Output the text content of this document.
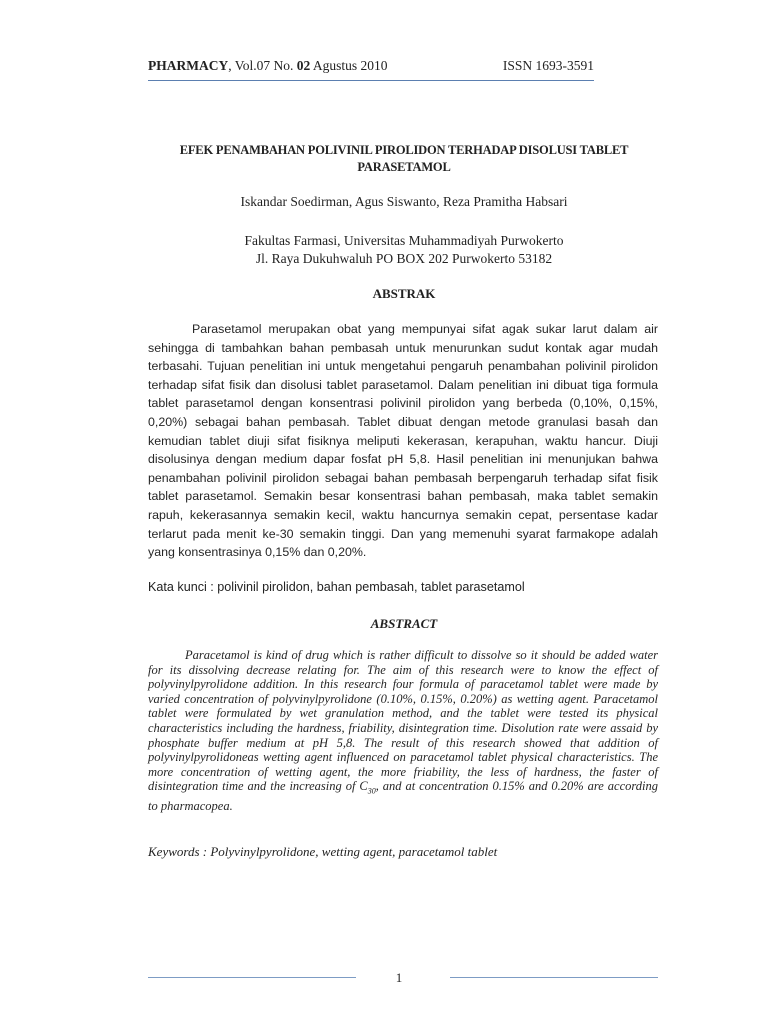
PHARMACY, Vol.07 No. 02 Agustus 2010	ISSN 1693-3591
EFEK PENAMBAHAN POLIVINIL PIROLIDON TERHADAP DISOLUSI TABLET PARASETAMOL
Iskandar Soedirman, Agus Siswanto, Reza Pramitha Habsari
Fakultas Farmasi, Universitas Muhammadiyah Purwokerto
Jl. Raya Dukuhwaluh PO BOX 202 Purwokerto 53182
ABSTRAK

Parasetamol merupakan obat yang mempunyai sifat agak sukar larut dalam air sehingga di tambahkan bahan pembasah untuk menurunkan sudut kontak agar mudah terbasahi. Tujuan penelitian ini untuk mengetahui pengaruh penambahan polivinil pirolidon terhadap sifat fisik dan disolusi tablet parasetamol. Dalam penelitian ini dibuat tiga formula tablet parasetamol dengan konsentrasi polivinil pirolidon yang berbeda (0,10%, 0,15%, 0,20%) sebagai bahan pembasah. Tablet dibuat dengan metode granulasi basah dan kemudian tablet diuji sifat fisiknya meliputi kekerasan, kerapuhan, waktu hancur. Diuji disolusinya dengan medium dapar fosfat pH 5,8. Hasil penelitian ini menunjukan bahwa penambahan polivinil pirolidon sebagai bahan pembasah berpengaruh terhadap sifat fisik tablet parasetamol. Semakin besar konsentrasi bahan pembasah, maka tablet semakin rapuh, kekerasannya semakin kecil, waktu hancurnya semakin cepat, persentase kadar terlarut pada menit ke-30 semakin tinggi. Dan yang memenuhi syarat farmakope adalah yang konsentrasinya 0,15% dan 0,20%.

Kata kunci : polivinil pirolidon, bahan pembasah, tablet parasetamol
ABSTRACT

Paracetamol is kind of drug which is rather difficult to dissolve so it should be added water for its dissolving decrease relating for. The aim of this research were to know the effect of polyvinylpyrolidone addition. In this research four formula of paracetamol tablet were made by varied concentration of polyvinylpyrolidone (0.10%, 0.15%, 0.20%) as wetting agent. Paracetamol tablet were formulated by wet granulation method, and the tablet were tested its physical characteristics including the hardness, friability, disintegration time. Disolution rate were assaid by phosphate buffer medium at pH 5,8. The result of this research showed that addition of polyvinylpyrolidoneas wetting agent influenced on paracetamol tablet physical characteristics. The more concentration of wetting agent, the more friability, the less of hardness, the faster of disintegration time and the increasing of $C_{30}$, and at concentration 0.15% and 0.20% are according to pharmacopea.

Keywords : Polyvinylpyrolidone, wetting agent, paracetamol tablet
1
